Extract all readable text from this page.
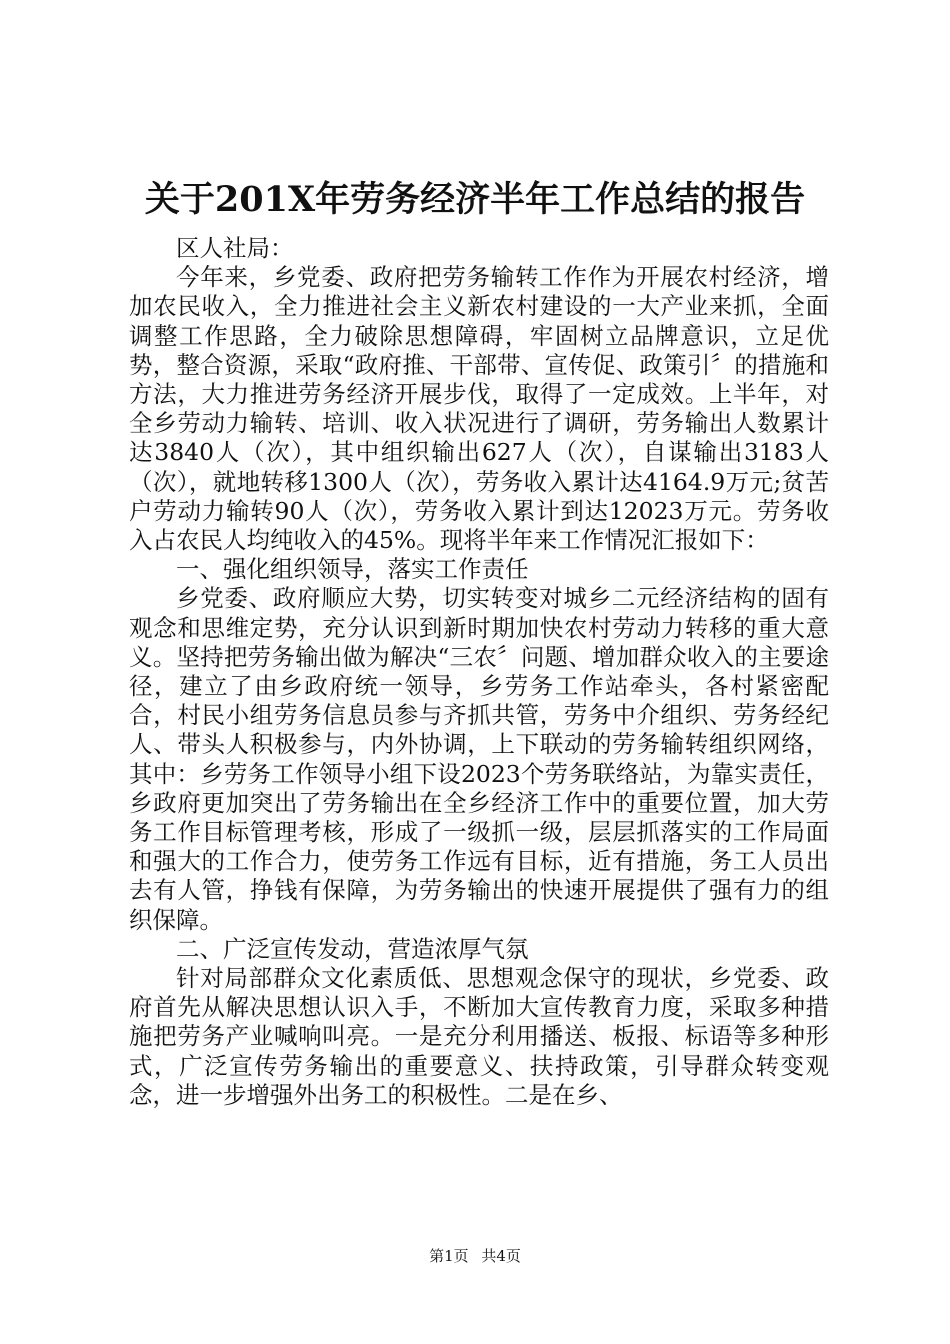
关于201X年劳务经济半年工作总结的报告

区人社局：

今年来，乡党委、政府把劳务输转工作作为开展农村经济，增加农民收入，全力推进社会主义新农村建设的一大产业来抓，全面调整工作思路，全力破除思想障碍，牢固树立品牌意识，立足优势，整合资源，采取“政府推、干部带、宣传促、政策引〞的措施和方法，大力推进劳务经济开展步伐，取得了一定成效。上半年，对全乡劳动力输转、培训、收入状况进行了调研，劳务输出人数累计达3840人（次），其中组织输出627人（次），自谋输出3183人（次），就地转移1300人（次），劳务收入累计达4164.9万元;贫苦户劳动力输转90人（次），劳务收入累计到达12023万元。劳务收入占农民人均纯收入的45%。现将半年来工作情况汇报如下：

一、强化组织领导，落实工作责任

乡党委、政府顺应大势，切实转变对城乡二元经济结构的固有观念和思维定势，充分认识到新时期加快农村劳动力转移的重大意义。坚持把劳务输出做为解决“三农〞问题、增加群众收入的主要途径，建立了由乡政府统一领导，乡劳务工作站牵头，各村紧密配合，村民小组劳务信息员参与齐抓共管，劳务中介组织、劳务经纪人、带头人积极参与，内外协调，上下联动的劳务输转组织网络，其中：乡劳务工作领导小组下设2023个劳务联络站，为靠实责任，乡政府更加突出了劳务输出在全乡经济工作中的重要位置，加大劳务工作目标管理考核，形成了一级抓一级，层层抓落实的工作局面和强大的工作合力，使劳务工作远有目标，近有措施，务工人员出去有人管，挣钱有保障，为劳务输出的快速开展提供了强有力的组织保障。

二、广泛宣传发动，营造浓厚气氛

针对局部群众文化素质低、思想观念保守的现状，乡党委、政府首先从解决思想认识入手，不断加大宣传教育力度，采取多种措施把劳务产业喊响叫亮。一是充分利用播送、板报、标语等多种形式，广泛宣传劳务输出的重要意义、扶持政策，引导群众转变观念，进一步增强外出务工的积极性。二是在乡、

第1页 共4页
